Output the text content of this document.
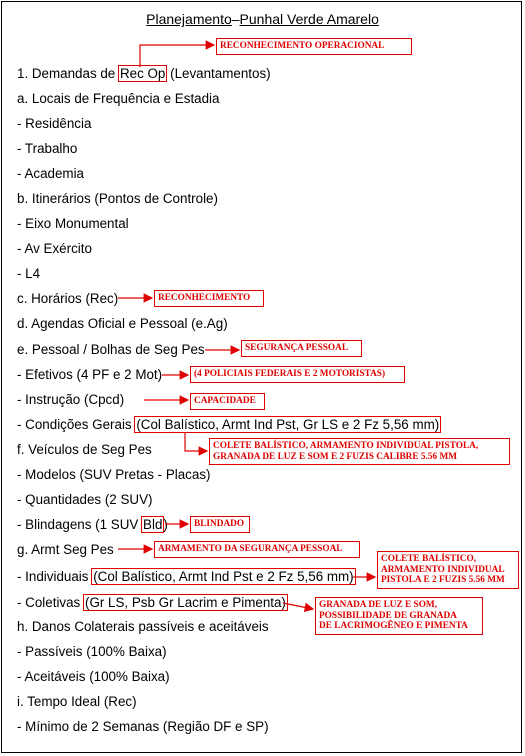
Planejamento–Punhal Verde Amarelo
1. Demandas de Rec Op (Levantamentos)
a. Locais de Frequência e Estadia
- Residência
- Trabalho
- Academia
b. Itinerários (Pontos de Controle)
- Eixo Monumental
- Av Exército
- L4
c. Horários (Rec)
d. Agendas Oficial e Pessoal (e.Ag)
e. Pessoal / Bolhas de Seg Pes
- Efetivos (4 PF e 2 Mot)
- Instrução (Cpcd)
- Condições Gerais (Col Balístico, Armt Ind Pst, Gr LS e 2 Fz 5,56 mm)
f. Veículos de Seg Pes
- Modelos (SUV Pretas - Placas)
- Quantidades (2 SUV)
- Blindagens (1 SUV Bld)
g. Armt Seg Pes
- Individuais (Col Balístico, Armt Ind Pst e 2 Fz 5,56 mm)
- Coletivas (Gr LS, Psb Gr Lacrim e Pimenta)
h. Danos Colaterais passíveis e aceitáveis
- Passíveis (100% Baixa)
- Aceitáveis (100% Baixa)
i. Tempo Ideal (Rec)
- Mínimo de 2 Semanas (Região DF e SP)
RECONHECIMENTO OPERACIONAL
RECONHECIMENTO
SEGURANÇA PESSOAL
(4 POLICIAIS FEDERAIS E 2 MOTORISTAS)
CAPACIDADE
COLETE BALÍSTICO, ARMAMENTO INDIVIDUAL PISTOLA,
GRANADA DE LUZ E SOM E 2 FUZIS CALIBRE 5.56 MM
BLINDADO
ARMAMENTO DA SEGURANÇA PESSOAL
COLETE BALÍSTICO,
ARMAMENTO INDIVIDUAL
PISTOLA E 2 FUZIS 5.56 MM
GRANADA DE LUZ E SOM,
POSSIBILIDADE DE GRANADA
DE LACRIMOGÊNEO E PIMENTA
